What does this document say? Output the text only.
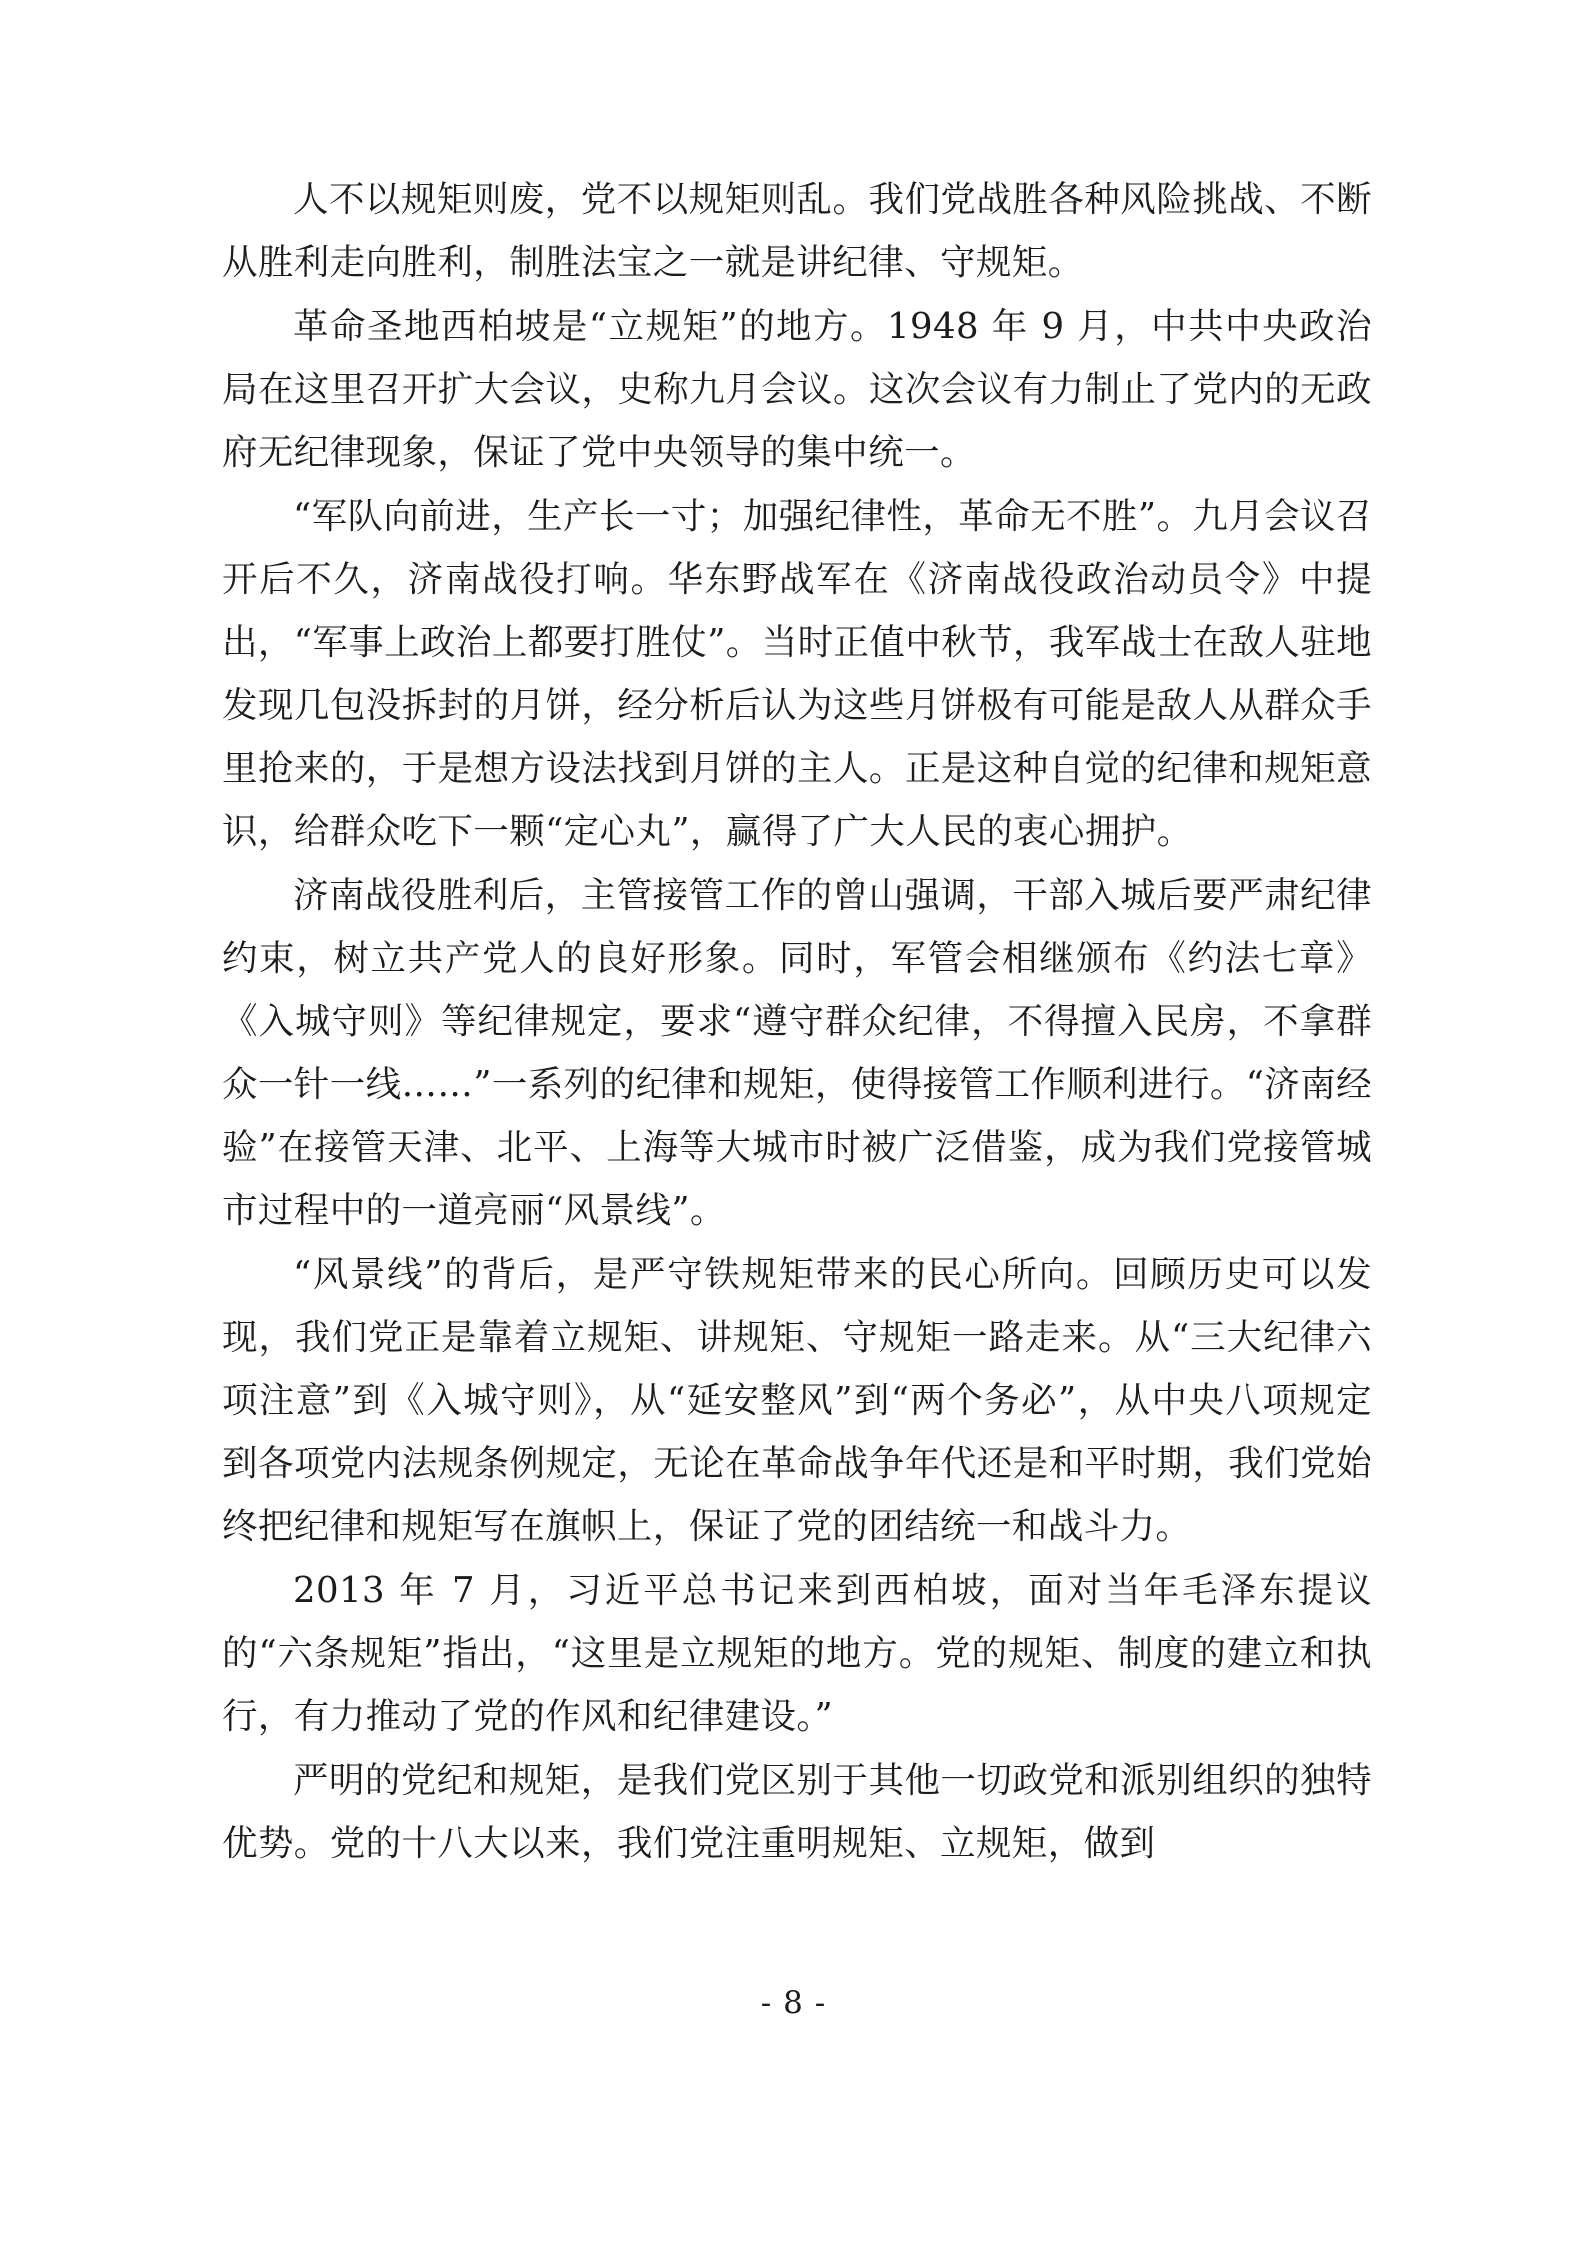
人不以规矩则废，党不以规矩则乱。我们党战胜各种风险挑战、不断从胜利走向胜利，制胜法宝之一就是讲纪律、守规矩。

革命圣地西柏坡是“立规矩”的地方。1948 年 9 月，中共中央政治局在这里召开扩大会议，史称九月会议。这次会议有力制止了党内的无政府无纪律现象，保证了党中央领导的集中统一。

“军队向前进，生产长一寸；加强纪律性，革命无不胜”。九月会议召开后不久，济南战役打响。华东野战军在《济南战役政治动员令》中提出，“军事上政治上都要打胜仗”。当时正值中秋节，我军战士在敌人驻地发现几包没拆封的月饼，经分析后认为这些月饼极有可能是敌人从群众手里抢来的，于是想方设法找到月饼的主人。正是这种自觉的纪律和规矩意识，给群众吃下一颗“定心丸”，赢得了广大人民的衷心拥护。

济南战役胜利后，主管接管工作的曾山强调，干部入城后要严肃纪律约束，树立共产党人的良好形象。同时，军管会相继颁布《约法七章》《入城守则》等纪律规定，要求“遵守群众纪律，不得擅入民房，不拿群众一针一线……”一系列的纪律和规矩，使得接管工作顺利进行。“济南经验”在接管天津、北平、上海等大城市时被广泛借鉴，成为我们党接管城市过程中的一道亮丽“风景线”。

“风景线”的背后，是严守铁规矩带来的民心所向。回顾历史可以发现，我们党正是靠着立规矩、讲规矩、守规矩一路走来。从“三大纪律六项注意”到《入城守则》，从“延安整风”到“两个务必”，从中央八项规定到各项党内法规条例规定，无论在革命战争年代还是和平时期，我们党始终把纪律和规矩写在旗帜上，保证了党的团结统一和战斗力。

2013 年 7 月，习近平总书记来到西柏坡，面对当年毛泽东提议的“六条规矩”指出，“这里是立规矩的地方。党的规矩、制度的建立和执行，有力推动了党的作风和纪律建设。”

严明的党纪和规矩，是我们党区别于其他一切政党和派别组织的独特优势。党的十八大以来，我们党注重明规矩、立规矩，做到

- 8 -
